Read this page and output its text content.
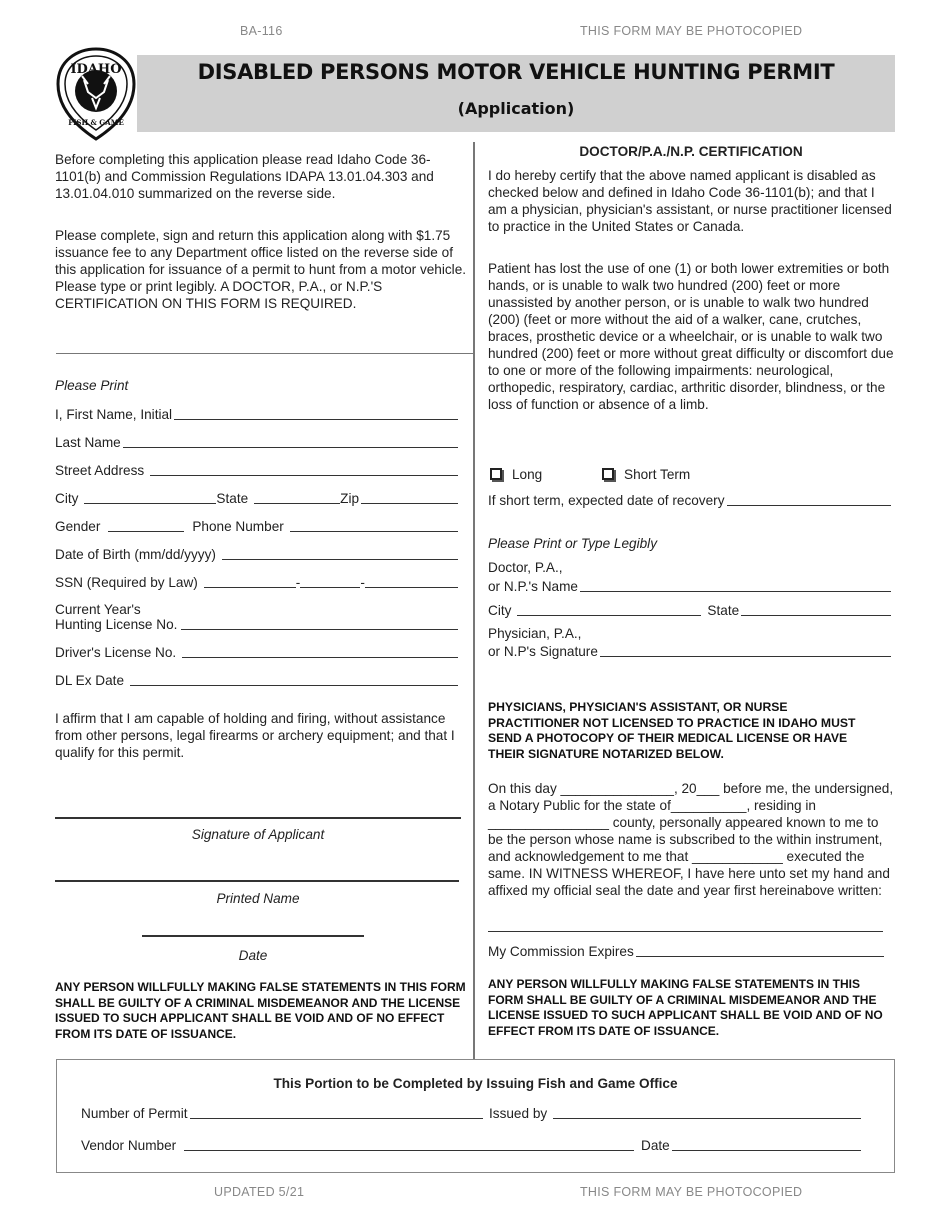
BA-116	THIS FORM MAY BE PHOTOCOPIED
IDAHO
FISH & GAME
DISABLED PERSONS MOTOR VEHICLE HUNTING PERMIT
(Application)
Before completing this application please read Idaho Code 36-1101(b) and Commission Regulations IDAPA 13.01.04.303 and 13.01.04.010 summarized on the reverse side.
Please complete, sign and return this application along with $1.75 issuance fee to any Department office listed on the reverse side of this application for issuance of a permit to hunt from a motor vehicle. Please type or print legibly. A DOCTOR, P.A., or N.P.'S CERTIFICATION ON THIS FORM IS REQUIRED.
Please Print
I, First Name, Initial
Last Name
Street Address
City	State	Zip
Gender	Phone Number
Date of Birth (mm/dd/yyyy)
SSN (Required by Law)	-	-
Current Year's
Hunting License No.
Driver's License No.
DL Ex Date
I affirm that I am capable of holding and firing, without assistance from other persons, legal firearms or archery equipment; and that I qualify for this permit.
Signature of Applicant
Printed Name
Date
ANY PERSON WILLFULLY MAKING FALSE STATEMENTS IN THIS FORM SHALL BE GUILTY OF A CRIMINAL MISDEMEANOR AND THE LICENSE ISSUED TO SUCH APPLICANT SHALL BE VOID AND OF NO EFFECT FROM ITS DATE OF ISSUANCE.
DOCTOR/P.A./N.P. CERTIFICATION
I do hereby certify that the above named applicant is disabled as checked below and defined in Idaho Code 36-1101(b); and that I am a physician, physician's assistant, or nurse practitioner licensed to practice in the United States or Canada.
Patient has lost the use of one (1) or both lower extremities or both hands, or is unable to walk two hundred (200) feet or more unassisted by another person, or is unable to walk two hundred (200) (feet or more without the aid of a walker, cane, crutches, braces, prosthetic device or a wheelchair, or is unable to walk two hundred (200) feet or more without great difficulty or discomfort due to one or more of the following impairments: neurological, orthopedic, respiratory, cardiac, arthritic disorder, blindness, or the loss of function or absence of a limb.
Long	Short Term
If short term, expected date of recovery
Please Print or Type Legibly
Doctor, P.A.,
or N.P.'s Name
City	State
Physician, P.A.,
or N.P's Signature
PHYSICIANS, PHYSICIAN'S ASSISTANT, OR NURSE PRACTITIONER NOT LICENSED TO PRACTICE IN IDAHO MUST SEND A PHOTOCOPY OF THEIR MEDICAL LICENSE OR HAVE THEIR SIGNATURE NOTARIZED BELOW.
On this day _______________, 20___ before me, the undersigned, a Notary Public for the state of__________, residing in ________________ county, personally appeared known to me to be the person whose name is subscribed to the within instrument, and acknowledgement to me that ____________ executed the same. IN WITNESS WHEREOF, I have here unto set my hand and affixed my official seal the date and year first hereinabove written:
My Commission Expires
ANY PERSON WILLFULLY MAKING FALSE STATEMENTS IN THIS FORM SHALL BE GUILTY OF A CRIMINAL MISDEMEANOR AND THE LICENSE ISSUED TO SUCH APPLICANT SHALL BE VOID AND OF NO EFFECT FROM ITS DATE OF ISSUANCE.
This Portion to be Completed by Issuing Fish and Game Office
Number of Permit	Issued by
Vendor Number	Date
UPDATED 5/21	THIS FORM MAY BE PHOTOCOPIED
